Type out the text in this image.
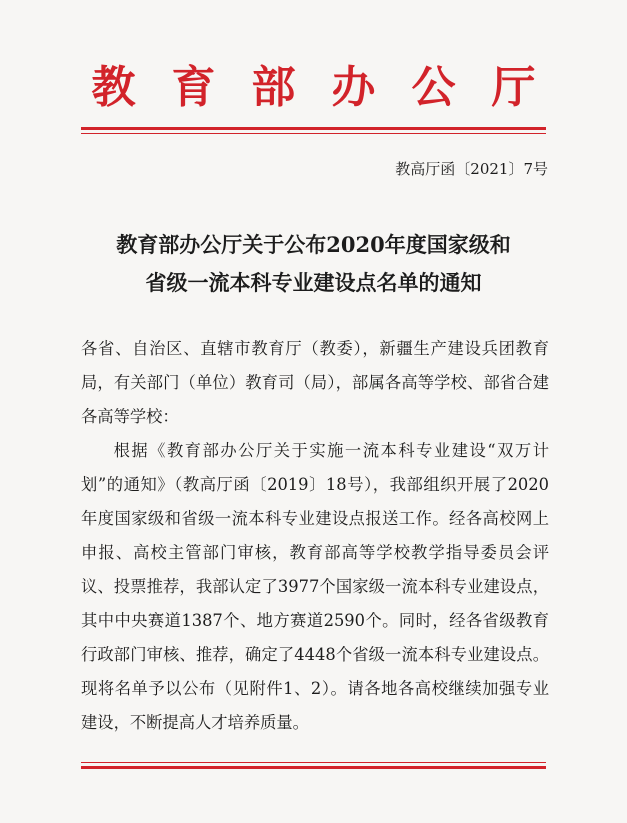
教育部办公厅
教高厅函〔2021〕7号
教育部办公厅关于公布2020年度国家级和
省级一流本科专业建设点名单的通知

各省、自治区、直辖市教育厅（教委），新疆生产建设兵团教育局，有关部门（单位）教育司（局），部属各高等学校、部省合建各高等学校：

根据《教育部办公厅关于实施一流本科专业建设“双万计划”的通知》（教高厅函〔2019〕18号），我部组织开展了2020年度国家级和省级一流本科专业建设点报送工作。经各高校网上申报、高校主管部门审核，教育部高等学校教学指导委员会评议、投票推荐，我部认定了3977个国家级一流本科专业建设点，其中中央赛道1387个、地方赛道2590个。同时，经各省级教育行政部门审核、推荐，确定了4448个省级一流本科专业建设点。现将名单予以公布（见附件1、2）。请各地各高校继续加强专业建设，不断提高人才培养质量。
